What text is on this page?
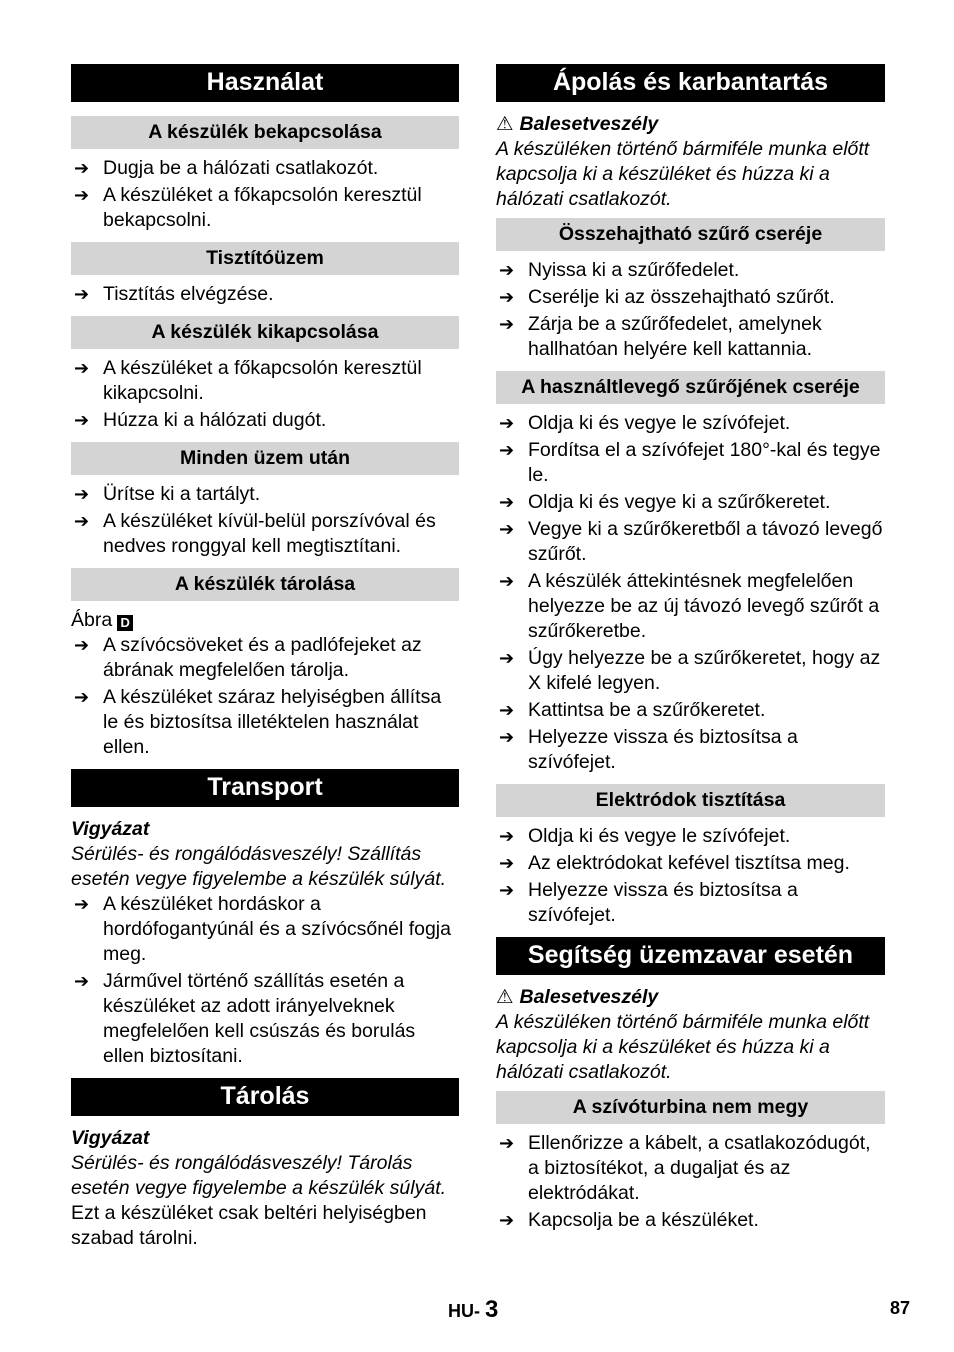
Használat
A készülék bekapcsolása
➔ Dugja be a hálózati csatlakozót.
➔ A készüléket a főkapcsolón keresztül bekapcsolni.
Tisztítóüzem
➔ Tisztítás elvégzése.
A készülék kikapcsolása
➔ A készüléket a főkapcsolón keresztül kikapcsolni.
➔ Húzza ki a hálózati dugót.
Minden üzem után
➔ Ürítse ki a tartályt.
➔ A készüléket kívül-belül porszívóval és nedves ronggyal kell megtisztítani.
A készülék tárolása

Ábra D

➔ A szívócsöveket és a padlófejeket az ábrának megfelelően tárolja.
➔ A készüléket száraz helyiségben állítsa le és biztosítsa illetéktelen használat ellen.
Transport

Vigyázat

Sérülés- és rongálódásveszély! Szállítás esetén vegye figyelembe a készülék súlyát.

➔ A készüléket hordáskor a hordófogantyúnál és a szívócsőnél fogja meg.
➔ Járművel történő szállítás esetén a készüléket az adott irányelveknek megfelelően kell csúszás és borulás ellen biztosítani.
Tárolás

Vigyázat

Sérülés- és rongálódásveszély! Tárolás esetén vegye figyelembe a készülék súlyát.

Ezt a készüléket csak beltéri helyiségben szabad tárolni.

Ápolás és karbantartás

⚠ Balesetveszély

A készüléken történő bármiféle munka előtt kapcsolja ki a készüléket és húzza ki a hálózati csatlakozót.

Összehajtható szűrő cseréje
➔ Nyissa ki a szűrőfedelet.
➔ Cserélje ki az összehajtható szűrőt.
➔ Zárja be a szűrőfedelet, amelynek hallhatóan helyére kell kattannia.
A használtlevegő szűrőjének cseréje
➔ Oldja ki és vegye le szívófejet.
➔ Fordítsa el a szívófejet 180°-kal és tegye le.
➔ Oldja ki és vegye ki a szűrőkeretet.
➔ Vegye ki a szűrőkeretből a távozó levegő szűrőt.
➔ A készülék áttekintésnek megfelelően helyezze be az új távozó levegő szűrőt a szűrőkeretbe.
➔ Úgy helyezze be a szűrőkeretet, hogy az X kifelé legyen.
➔ Kattintsa be a szűrőkeretet.
➔ Helyezze vissza és biztosítsa a szívófejet.
Elektródok tisztítása
➔ Oldja ki és vegye le szívófejet.
➔ Az elektródokat kefével tisztítsa meg.
➔ Helyezze vissza és biztosítsa a szívófejet.
Segítség üzemzavar esetén

⚠ Balesetveszély

A készüléken történő bármiféle munka előtt kapcsolja ki a készüléket és húzza ki a hálózati csatlakozót.

A szívóturbina nem megy
➔ Ellenőrizze a kábelt, a csatlakozódugót, a biztosítékot, a dugaljat és az elektródákat.
➔ Kapcsolja be a készüléket.
HU- 3	87
